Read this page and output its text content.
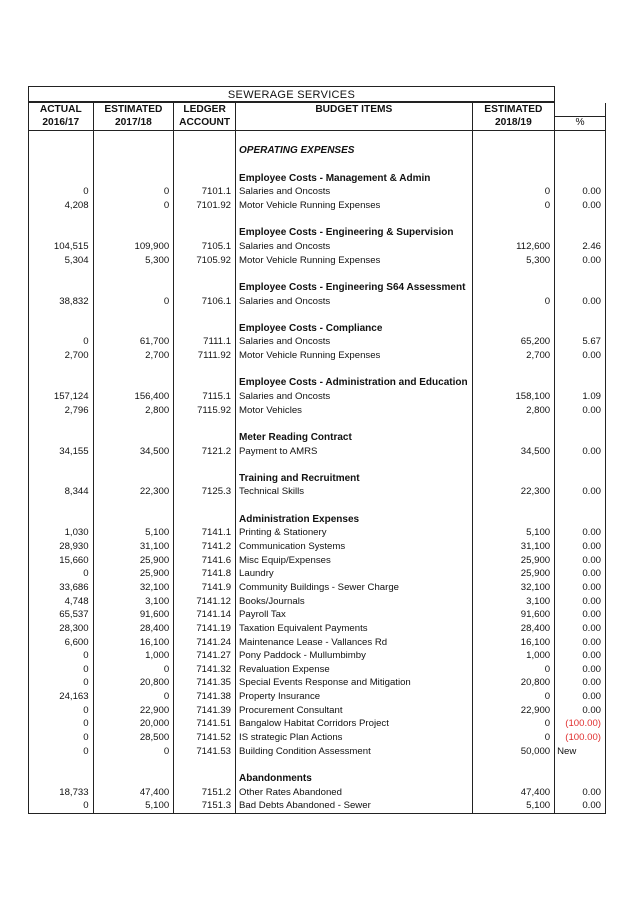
SEWERAGE SERVICES
ACTUAL	ESTIMATED	LEDGER	BUDGET ITEMS	ESTIMATED	
2016/17	2017/18	ACCOUNT		2018/19	%

			OPERATING EXPENSES		

			Employee Costs - Management & Admin		
0	0	7101.1	Salaries and Oncosts	0	0.00
4,208	0	7101.92	Motor Vehicle Running Expenses	0	0.00

			Employee Costs - Engineering & Supervision		
104,515	109,900	7105.1	Salaries and Oncosts	112,600	2.46
5,304	5,300	7105.92	Motor Vehicle Running Expenses	5,300	0.00

			Employee Costs - Engineering S64 Assessment		
38,832	0	7106.1	Salaries and Oncosts	0	0.00

			Employee Costs - Compliance		
0	61,700	7111.1	Salaries and Oncosts	65,200	5.67
2,700	2,700	7111.92	Motor Vehicle Running Expenses	2,700	0.00

			Employee Costs - Administration and Education		
157,124	156,400	7115.1	Salaries and Oncosts	158,100	1.09
2,796	2,800	7115.92	Motor Vehicles	2,800	0.00

			Meter Reading Contract		
34,155	34,500	7121.2	Payment to AMRS	34,500	0.00

			Training and Recruitment		
8,344	22,300	7125.3	Technical Skills	22,300	0.00

			Administration Expenses		
1,030	5,100	7141.1	Printing & Stationery	5,100	0.00
28,930	31,100	7141.2	Communication Systems	31,100	0.00
15,660	25,900	7141.6	Misc Equip/Expenses	25,900	0.00
0	25,900	7141.8	Laundry	25,900	0.00
33,686	32,100	7141.9	Community Buildings - Sewer Charge	32,100	0.00
4,748	3,100	7141.12	Books/Journals	3,100	0.00
65,537	91,600	7141.14	Payroll Tax	91,600	0.00
28,300	28,400	7141.19	Taxation Equivalent Payments	28,400	0.00
6,600	16,100	7141.24	Maintenance Lease - Vallances Rd	16,100	0.00
0	1,000	7141.27	Pony Paddock - Mullumbimby	1,000	0.00
0	0	7141.32	Revaluation Expense	0	0.00
0	20,800	7141.35	Special Events Response and Mitigation	20,800	0.00
24,163	0	7141.38	Property Insurance	0	0.00
0	22,900	7141.39	Procurement Consultant	22,900	0.00
0	20,000	7141.51	Bangalow Habitat Corridors Project	0	(100.00)
0	28,500	7141.52	IS strategic Plan Actions	0	(100.00)
0	0	7141.53	Building Condition Assessment	50,000	New

			Abandonments		
18,733	47,400	7151.2	Other Rates Abandoned	47,400	0.00
0	5,100	7151.3	Bad Debts Abandoned - Sewer	5,100	0.00
